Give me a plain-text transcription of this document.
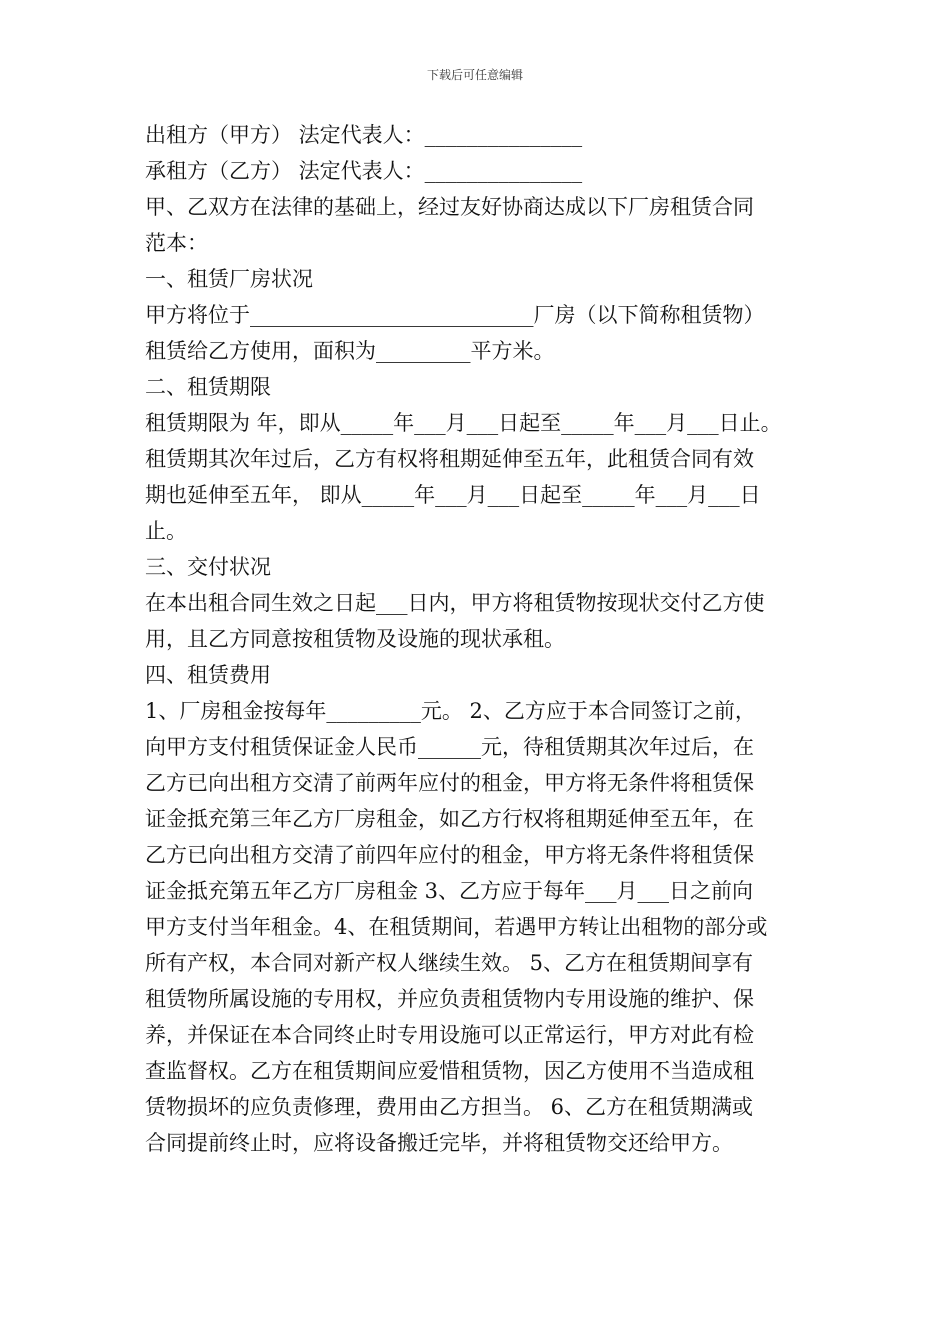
下载后可任意编辑
出租方（甲方） 法定代表人：_______________
承租方（乙方） 法定代表人：_______________
甲、乙双方在法律的基础上，经过友好协商达成以下厂房租赁合同
范本：
一、租赁厂房状况
甲方将位于___________________________厂房（以下简称租赁物）
租赁给乙方使用，面积为_________平方米。
二、租赁期限
租赁期限为 年，即从_____年___月___日起至_____年___月___日止。
租赁期其次年过后，乙方有权将租期延伸至五年，此租赁合同有效
期也延伸至五年， 即从_____年___月___日起至_____年___月___日
止。
三、交付状况
在本出租合同生效之日起___日内，甲方将租赁物按现状交付乙方使
用，且乙方同意按租赁物及设施的现状承租。
四、租赁费用
1、厂房租金按每年_________元。 2、乙方应于本合同签订之前，
向甲方支付租赁保证金人民币______元，待租赁期其次年过后，在
乙方已向出租方交清了前两年应付的租金，甲方将无条件将租赁保
证金抵充第三年乙方厂房租金，如乙方行权将租期延伸至五年，在
乙方已向出租方交清了前四年应付的租金，甲方将无条件将租赁保
证金抵充第五年乙方厂房租金 3、乙方应于每年___月___日之前向
甲方支付当年租金。4、在租赁期间，若遇甲方转让出租物的部分或
所有产权，本合同对新产权人继续生效。 5、乙方在租赁期间享有
租赁物所属设施的专用权，并应负责租赁物内专用设施的维护、保
养，并保证在本合同终止时专用设施可以正常运行，甲方对此有检
查监督权。乙方在租赁期间应爱惜租赁物，因乙方使用不当造成租
赁物损坏的应负责修理，费用由乙方担当。 6、乙方在租赁期满或
合同提前终止时，应将设备搬迁完毕，并将租赁物交还给甲方。
